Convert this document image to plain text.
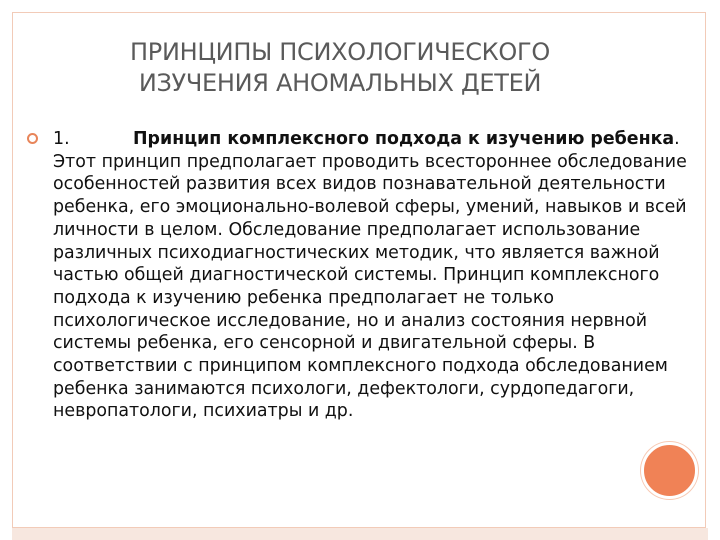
ПРИНЦИПЫ ПСИХОЛОГИЧЕСКОГО
ИЗУЧЕНИЯ АНОМАЛЬНЫХ ДЕТЕЙ

1.	Принцип комплексного подхода к изучению ребенка. Этот принцип предполагает проводить всестороннее обследование особенностей развития всех видов познавательной деятельности ребенка, его эмоционально-волевой сферы, умений, навыков и всей личности в целом. Обследование предполагает использование различных психодиагностических методик, что является важной частью общей диагностической системы. Принцип комплексного подхода к изучению ребенка предполагает не только психологическое исследование, но и анализ состояния нервной системы ребенка, его сенсорной и двигательной сферы. В соответствии с принципом комплексного подхода обследованием ребенка занимаются психологи, дефектологи, сурдопедагоги, невропатологи, психиатры и др.
